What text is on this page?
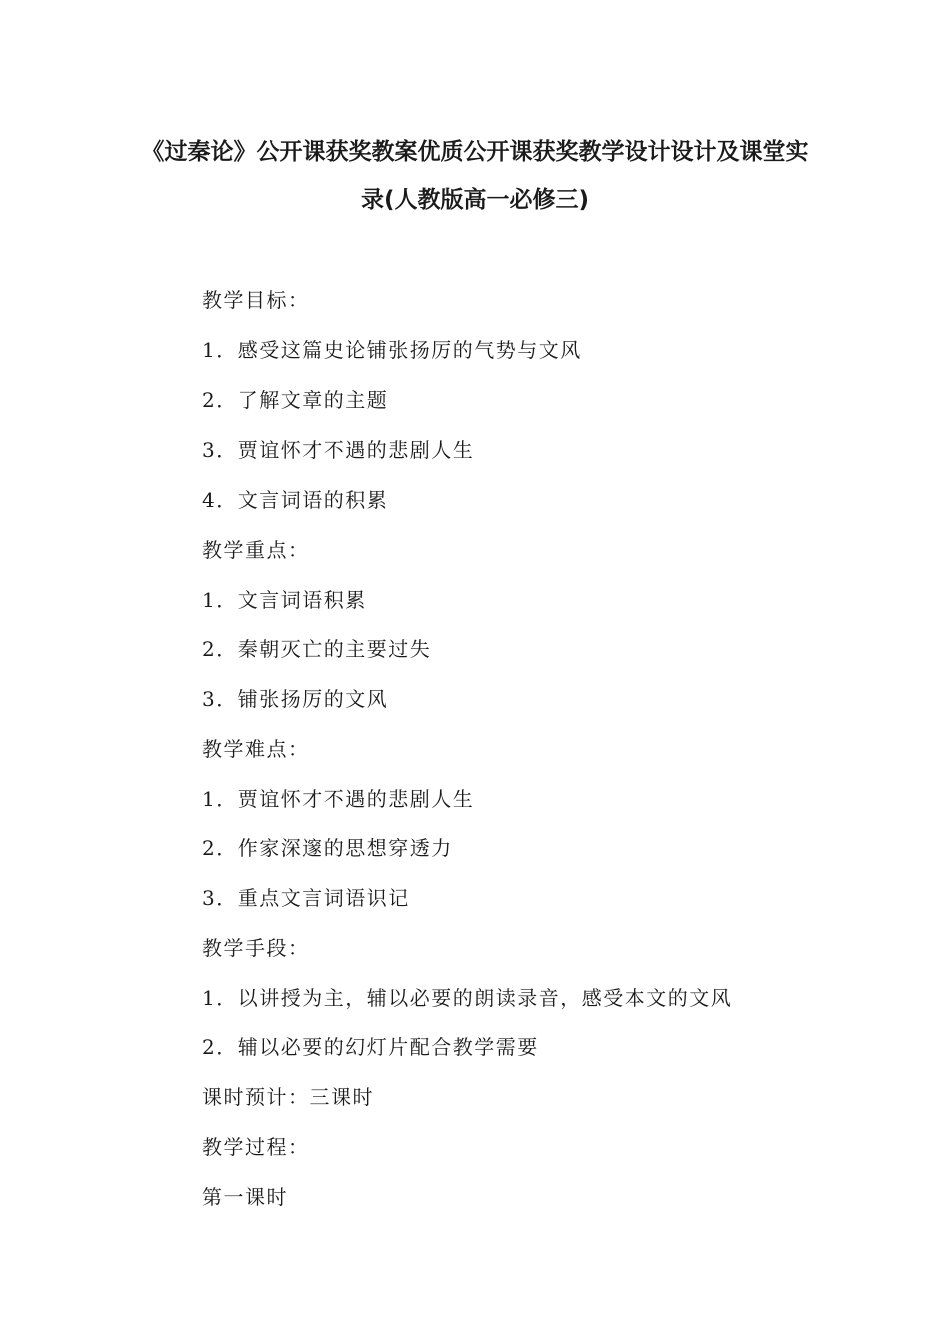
《过秦论》公开课获奖教案优质公开课获奖教学设计设计及课堂实
录(人教版高一必修三)
教学目标：
1．感受这篇史论铺张扬厉的气势与文风
2．了解文章的主题
3．贾谊怀才不遇的悲剧人生
4．文言词语的积累
教学重点：
1．文言词语积累
2．秦朝灭亡的主要过失
3．铺张扬厉的文风
教学难点：
1．贾谊怀才不遇的悲剧人生
2．作家深邃的思想穿透力
3．重点文言词语识记
教学手段：
1．以讲授为主，辅以必要的朗读录音，感受本文的文风
2．辅以必要的幻灯片配合教学需要
课时预计：三课时
教学过程：
第一课时
